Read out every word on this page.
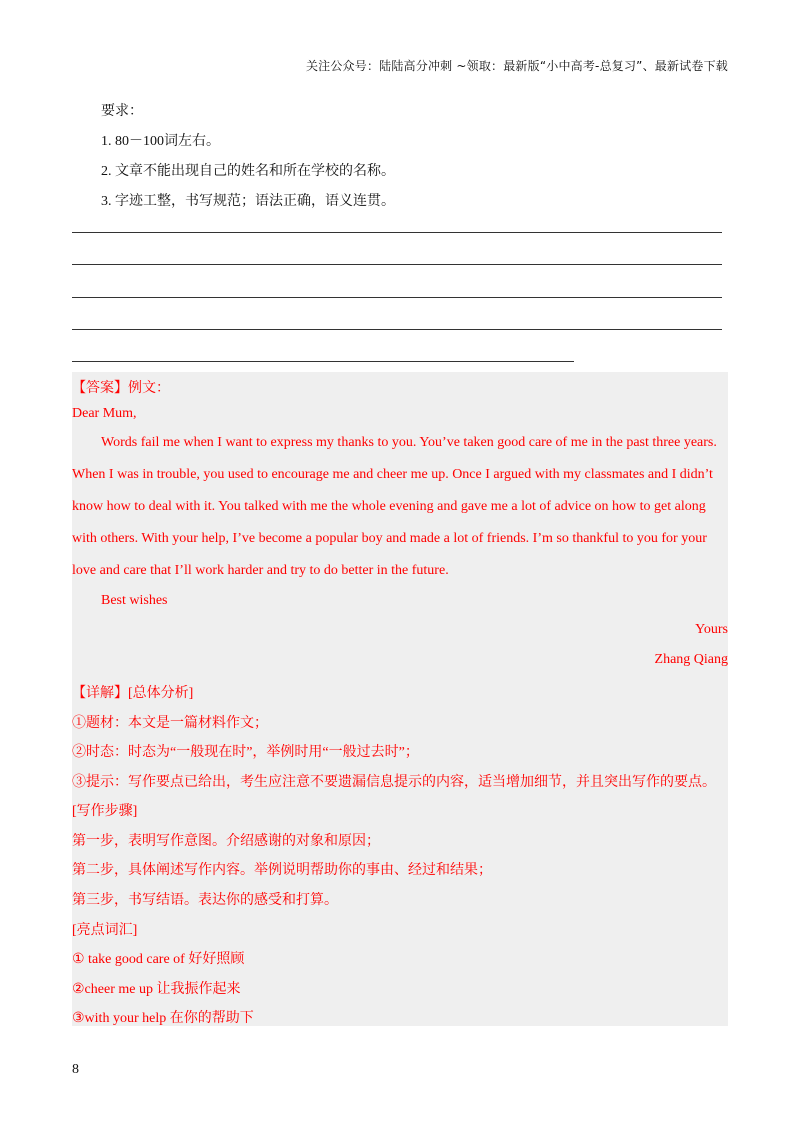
关注公众号：陆陆高分冲刺 ~领取：最新版“小中高考-总复习”、最新试卷下载
要求：
1. 80－100词左右。
2. 文章不能出现自己的姓名和所在学校的名称。
3. 字迹工整，书写规范；语法正确，语义连贯。
【答案】例文：
Dear Mum,
Words fail me when I want to express my thanks to you. You’ve taken good care of me in the past three years.
When I was in trouble, you used to encourage me and cheer me up. Once I argued with my classmates and I didn’t
know how to deal with it. You talked with me the whole evening and gave me a lot of advice on how to get along
with others. With your help, I’ve become a popular boy and made a lot of friends. I’m so thankful to you for your
love and care that I’ll work harder and try to do better in the future.
Best wishes
Yours
Zhang Qiang
【详解】[总体分析]
①题材：本文是一篇材料作文；
②时态：时态为“一般现在时”，举例时用“一般过去时”；
③提示：写作要点已给出，考生应注意不要遗漏信息提示的内容，适当增加细节，并且突出写作的要点。
[写作步骤]
第一步，表明写作意图。介绍感谢的对象和原因；
第二步，具体阐述写作内容。举例说明帮助你的事由、经过和结果；
第三步，书写结语。表达你的感受和打算。
[亮点词汇]
① take good care of 好好照顾
②cheer me up 让我振作起来
③with your help 在你的帮助下
8
